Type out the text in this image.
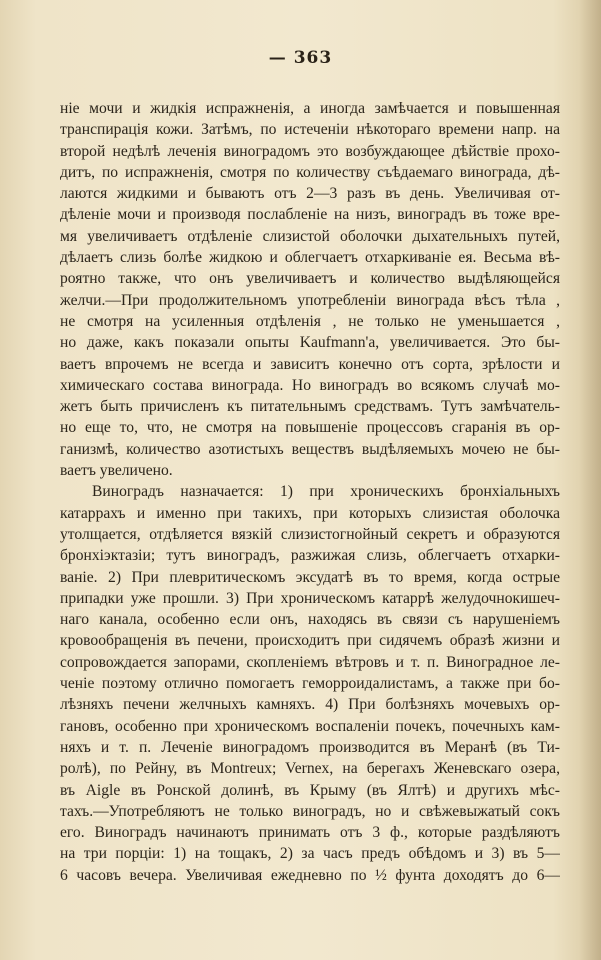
— 363
ніе мочи и жидкія испражненія, а иногда замѣчается и повышенная
транспирація кожи. Затѣмъ, по истеченіи нѣкотораго времени напр. на
второй недѣлѣ леченія виноградомъ это возбуждающее дѣйствіе прохо-
дитъ, по испражненія, смотря по количеству съѣдаемаго винограда, дѣ-
лаются жидкими и бываютъ отъ 2—3 разъ въ день. Увеличивая от-
дѣленіе мочи и производя послабленіе на низъ, виноградъ въ тоже вре-
мя увеличиваетъ отдѣленіе слизистой оболочки дыхательныхъ путей,
дѣлаетъ слизь болѣе жидкою и облегчаетъ отхаркиваніе ея. Весьма вѣ-
роятно также, что онъ увеличиваетъ и количество выдѣляющейся
желчи.—При продолжительномъ употребленіи винограда вѣсъ тѣла ,
не смотря на усиленныя отдѣленія , не только не уменьшается ,
но даже, какъ показали опыты Kaufmann'a, увеличивается. Это бы-
ваетъ впрочемъ не всегда и зависитъ конечно отъ сорта, зрѣлости и
химическаго состава винограда. Но виноградъ во всякомъ случаѣ мо-
жетъ быть причисленъ къ питательнымъ средствамъ. Тутъ замѣчатель-
но еще то, что, не смотря на повышеніе процессовъ сгаранія въ ор-
ганизмѣ, количество азотистыхъ веществъ выдѣляемыхъ мочею не бы-
ваетъ увеличено.
Виноградъ назначается: 1) при хроническихъ бронхіальныхъ
катаррахъ и именно при такихъ, при которыхъ слизистая оболочка
утолщается, отдѣляется вязкій слизистогнойный секретъ и образуются
бронхіэктазіи; тутъ виноградъ, разжижая слизь, облегчаетъ отхарки-
ваніе. 2) При плевритическомъ эксудатѣ въ то время, когда острые
припадки уже прошли. 3) При хроническомъ катаррѣ желудочнокишеч-
наго канала, особенно если онъ, находясь въ связи съ нарушеніемъ
кровообращенія въ печени, происходитъ при сидячемъ образѣ жизни и
сопровождается запорами, скопленіемъ вѣтровъ и т. п. Виноградное ле-
ченіе поэтому отлично помогаетъ геморроидалистамъ, а также при бо-
лѣзняхъ печени желчныхъ камняхъ. 4) При болѣзняхъ мочевыхъ ор-
гановъ, особенно при хроническомъ воспаленіи почекъ, почечныхъ кам-
няхъ и т. п. Леченіе виноградомъ производится въ Меранѣ (въ Ти-
ролѣ), по Рейну, въ Montreux; Vernex, на берегахъ Женевскаго озера,
въ Aigle въ Ронской долинѣ, въ Крыму (въ Ялтѣ) и другихъ мѣс-
тахъ.—Употребляютъ не только виноградъ, но и свѣжевыжатый сокъ
его. Виноградъ начинаютъ принимать отъ 3 ф., которые раздѣляютъ
на три порціи: 1) на тощакъ, 2) за часъ предъ обѣдомъ и 3) въ 5—
6 часовъ вечера. Увеличивая ежедневно по ½ фунта доходятъ до 6—
